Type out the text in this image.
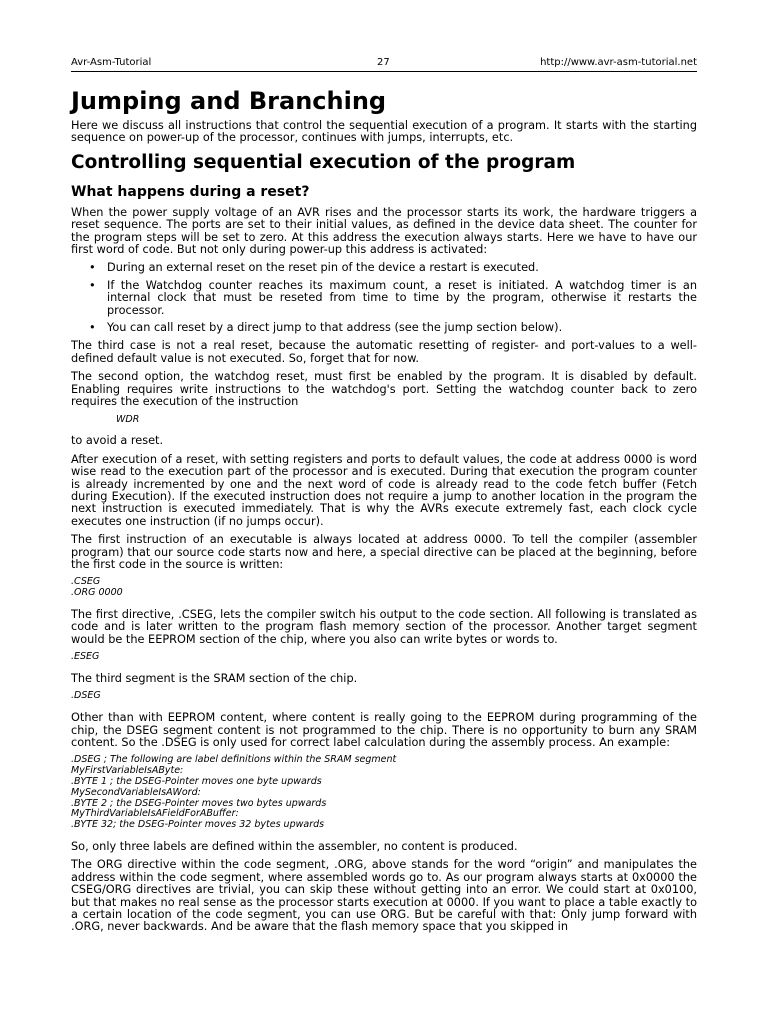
Avr-Asm-Tutorial	27	http://www.avr-asm-tutorial.net
Jumping and Branching

Here we discuss all instructions that control the sequential execution of a program. It starts with the starting sequence on power-up of the processor, continues with jumps, interrupts, etc.

Controlling sequential execution of the program
What happens during a reset?

When the power supply voltage of an AVR rises and the processor starts its work, the hardware triggers a reset sequence. The ports are set to their initial values, as defined in the device data sheet. The counter for the program steps will be set to zero. At this address the execution always starts. Here we have to have our first word of code. But not only during power-up this address is activated:

• During an external reset on the reset pin of the device a restart is executed.
• If the Watchdog counter reaches its maximum count, a reset is initiated. A watchdog timer is an internal clock that must be reseted from time to time by the program, otherwise it restarts the processor.
• You can call reset by a direct jump to that address (see the jump section below).

The third case is not a real reset, because the automatic resetting of register- and port-values to a well-defined default value is not executed. So, forget that for now.

The second option, the watchdog reset, must first be enabled by the program. It is disabled by default. Enabling requires write instructions to the watchdog's port. Setting the watchdog counter back to zero requires the execution of the instruction

WDR

to avoid a reset.

After execution of a reset, with setting registers and ports to default values, the code at address 0000 is word wise read to the execution part of the processor and is executed. During that execution the program counter is already incremented by one and the next word of code is already read to the code fetch buffer (Fetch during Execution). If the executed instruction does not require a jump to another location in the program the next instruction is executed immediately. That is why the AVRs execute extremely fast, each clock cycle executes one instruction (if no jumps occur).

The first instruction of an executable is always located at address 0000. To tell the compiler (assembler program) that our source code starts now and here, a special directive can be placed at the beginning, before the first code in the source is written:

.CSEG
.ORG 0000

The first directive, .CSEG, lets the compiler switch his output to the code section. All following is translated as code and is later written to the program flash memory section of the processor. Another target segment would be the EEPROM section of the chip, where you also can write bytes or words to.

.ESEG

The third segment is the SRAM section of the chip.

.DSEG

Other than with EEPROM content, where content is really going to the EEPROM during programming of the chip, the DSEG segment content is not programmed to the chip. There is no opportunity to burn any SRAM content. So the .DSEG is only used for correct label calculation during the assembly process. An example:

.DSEG ; The following are label definitions within the SRAM segment
MyFirstVariableIsAByte:
.BYTE 1 ; the DSEG-Pointer moves one byte upwards
MySecondVariableIsAWord:
.BYTE 2 ; the DSEG-Pointer moves two bytes upwards
MyThirdVariableIsAFieldForABuffer:
.BYTE 32; the DSEG-Pointer moves 32 bytes upwards

So, only three labels are defined within the assembler, no content is produced.

The ORG directive within the code segment, .ORG, above stands for the word “origin” and manipulates the address within the code segment, where assembled words go to. As our program always starts at 0x0000 the CSEG/ORG directives are trivial, you can skip these without getting into an error. We could start at 0x0100, but that makes no real sense as the processor starts execution at 0000. If you want to place a table exactly to a certain location of the code segment, you can use ORG. But be careful with that: Only jump forward with .ORG, never backwards. And be aware that the flash memory space that you skipped in
